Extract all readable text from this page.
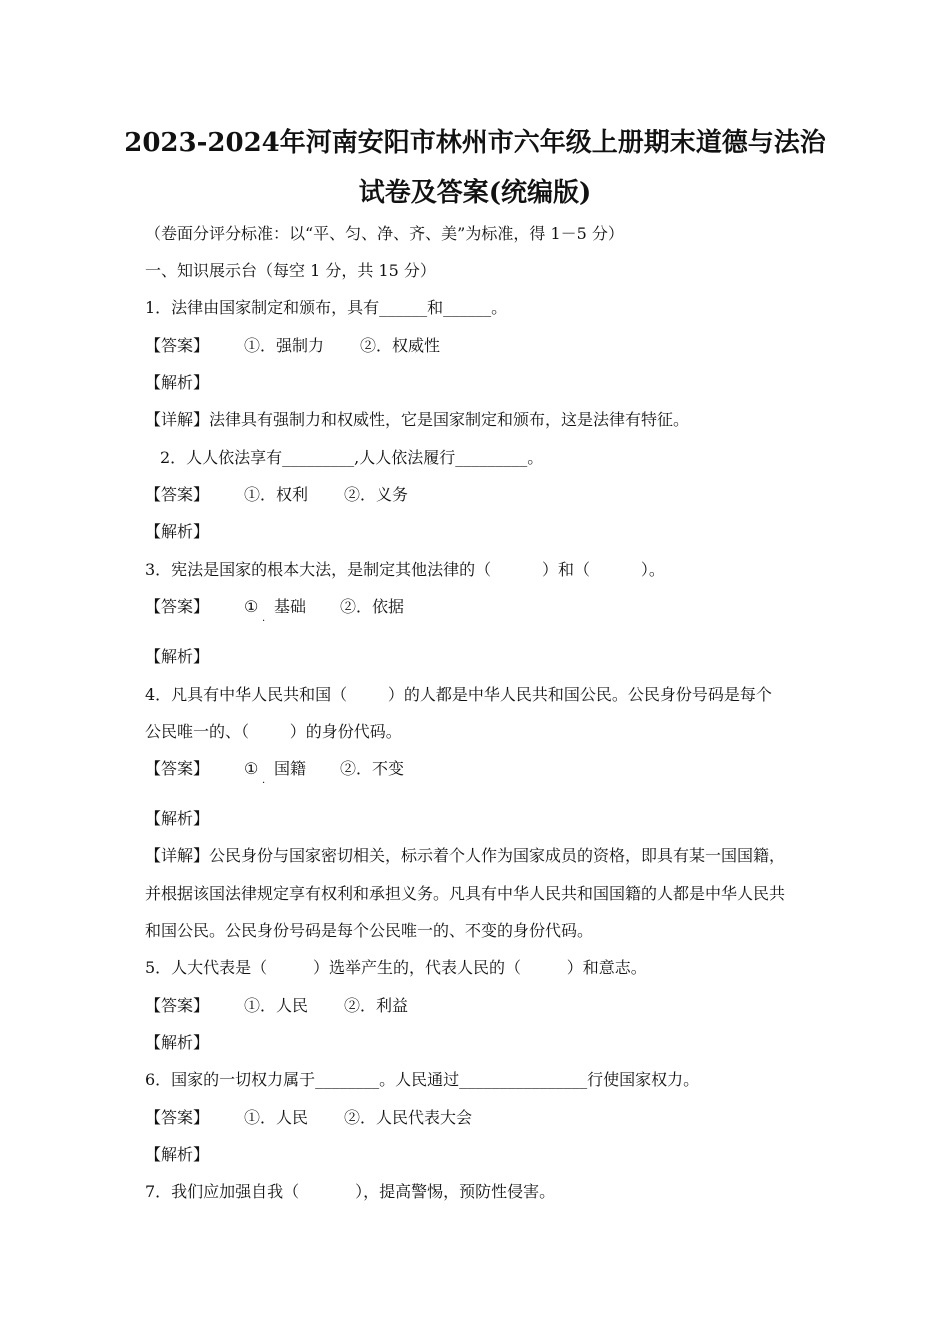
2023-2024年河南安阳市林州市六年级上册期末道德与法治
试卷及答案(统编版)
（卷面分评分标准：以“平、匀、净、齐、美”为标准，得 1－5 分）
一、知识展示台（每空 1 分，共 15 分）
1．法律由国家制定和颁布，具有______和______。
【答案】 ①．强制力 ②．权威性
【解析】
【详解】法律具有强制力和权威性，它是国家制定和颁布，这是法律有特征。
2．人人依法享有_________,人人依法履行_________。
【答案】 ①．权利 ②．义务
【解析】
3．宪法是国家的根本大法，是制定其他法律的（          ）和（          ）。
【答案】 ①
·
基础 ②．依据
【解析】
4．凡具有中华人民共和国（        ）的人都是中华人民共和国公民。公民身份号码是每个
公民唯一的、（        ）的身份代码。
【答案】 ①
·
国籍 ②．不变
【解析】
【详解】公民身份与国家密切相关，标示着个人作为国家成员的资格，即具有某一国国籍，
并根据该国法律规定享有权利和承担义务。凡具有中华人民共和国国籍的人都是中华人民共
和国公民。公民身份号码是每个公民唯一的、不变的身份代码。
5．人大代表是（         ）选举产生的，代表人民的（         ）和意志。
【答案】 ①．人民 ②．利益
【解析】
6．国家的一切权力属于________。人民通过________________行使国家权力。
【答案】 ①．人民 ②．人民代表大会
【解析】
7．我们应加强自我（           ），提高警惕，预防性侵害。
